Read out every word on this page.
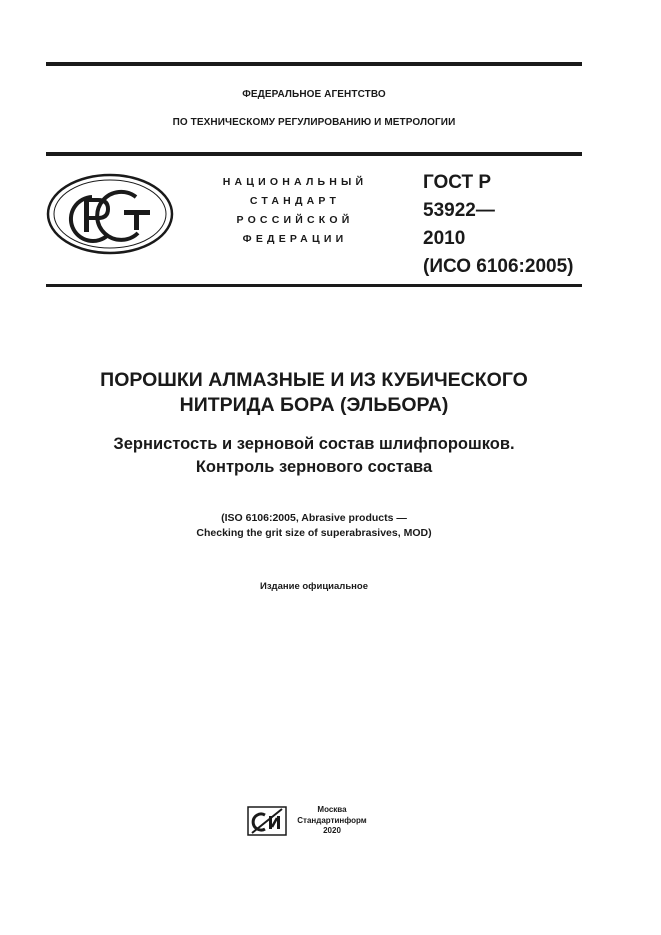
ФЕДЕРАЛЬНОЕ АГЕНТСТВО
ПО ТЕХНИЧЕСКОМУ РЕГУЛИРОВАНИЮ И МЕТРОЛОГИИ
НАЦИОНАЛЬНЫЙ
СТАНДАРТ
РОССИЙСКОЙ
ФЕДЕРАЦИИ
ГОСТ Р
53922—
2010
(ИСО 6106:2005)
ПОРОШКИ АЛМАЗНЫЕ И ИЗ КУБИЧЕСКОГО
НИТРИДА БОРА (ЭЛЬБОРА)
Зернистость и зерновой состав шлифпорошков.
Контроль зернового состава
(ISO 6106:2005, Abrasive products —
Checking the grit size of superabrasives, MOD)
Издание официальное
Москва
Стандартинформ
2020
